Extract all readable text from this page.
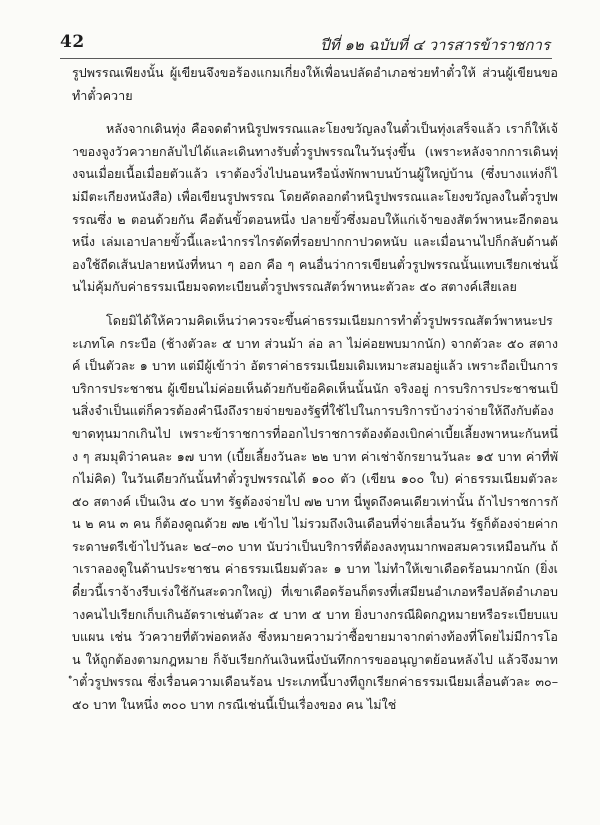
42	ปีที่ ๑๒ ฉบับที่ ๔ วารสารข้าราชการ

รูปพรรณเพียงนั้น ผู้เขียนจึงขอร้องแกมเกี่ยงให้เพื่อนปลัดอำเภอช่วยทำตั๋วให้ ส่วนผู้เขียนขอทำตั๋วควาย

หลังจากเดินทุ่ง คือจดตำหนิรูปพรรณและโยงขวัญลงในตั๋วเป็นทุ่งเสร็จแล้ว เราก็ให้เจ้าของจูงวัวควายกลับไปได้และเดินทางรับตั๋วรูปพรรณในวันรุ่งขึ้น (เพราะหลังจากการเดินทุ่งจนเมื่อยเนื้อเมื่อยตัวแล้ว เราต้องวิ่งไปนอนหรือนั่งพักพาบนบ้านผู้ใหญ่บ้าน (ซึ่งบางแห่งก็ไม่มีตะเกียงหนังสือ) เพื่อเขียนรูปพรรณ โดยคัดลอกตำหนิรูปพรรณและโยงขวัญลงในตั๋วรูปพรรณซึ่ง ๒ ตอนด้วยกัน คือต้นขั้วตอนหนึ่ง ปลายขั้วซึ่งมอบให้แก่เจ้าของสัตว์พาหนะอีกตอนหนึ่ง เล่มเอาปลายขั้วนี้และนำกรรไกรตัดที่รอยปากกาปวดหนับ และเมื่อนานไปก็กลับด้านต้องใช้ถีดเส้นปลายหนังที่หนา ๆ ออก คือ ๆ คนอื่นว่าการเขียนตั๋วรูปพรรณนั้นแทบเรียกเช่นนั้นไม่คุ้มกับค่าธรรมเนียมจดทะเบียนตั๋วรูปพรรณสัตว์พาหนะตัวละ ๕๐ สตางค์เสียเลย

โดยมิได้ให้ความคิดเห็นว่าควรจะขึ้นค่าธรรมเนียมการทำตั๋วรูปพรรณสัตว์พาหนะประเภทโค กระบือ (ช้างตัวละ ๕ บาท ส่วนม้า ล่อ ลา ไม่ค่อยพบมากนัก) จากตัวละ ๕๐ สตางค์ เป็นตัวละ ๑ บาท แต่มีผู้เข้าว่า อัตราค่าธรรมเนียมเดิมเหมาะสมอยู่แล้ว เพราะถือเป็นการบริการประชาชน ผู้เขียนไม่ค่อยเห็นด้วยกับข้อคิดเห็นนั้นนัก จริงอยู่ การบริการประชาชนเป็นสิ่งจำเป็นแต่ก็ควรต้องคำนึงถึงรายจ่ายของรัฐที่ใช้ไปในการบริการบ้างว่าจ่ายให้ถึงกับต้องขาดทุนมากเกินไป เพราะข้าราชการที่ออกไปราชการต้องต้องเบิกค่าเบี้ยเลี้ยงพาหนะกันหนึ่ง ๆ สมมุติว่าคนละ ๑๗ บาท (เบี้ยเลี้ยงวันละ ๒๒ บาท ค่าเช่าจักรยานวันละ ๑๕ บาท ค่าที่พักไม่คิด) ในวันเดียวกันนั้นทำตั๋วรูปพรรณได้ ๑๐๐ ตัว (เขียน ๑๐๐ ใบ) ค่าธรรมเนียมตัวละ ๕๐ สตางค์ เป็นเงิน ๕๐ บาท รัฐต้องจ่ายไป ๗๒ บาท นี่พูดถึงคนเดียวเท่านั้น ถ้าไปราชการกัน ๒ คน ๓ คน ก็ต้องคูณด้วย ๗๒ เข้าไป ไม่รวมถึงเงินเดือนที่จ่ายเลื่อนวัน รัฐก็ต้องจ่ายค่ากระดาษตรีเข้าไปวันละ ๒๔–๓๐ บาท นับว่าเป็นบริการที่ต้องลงทุนมากพอสมควรเหมือนกัน ถ้าเราลองดูในด้านประชาชน ค่าธรรมเนียมตัวละ ๑ บาท ไม่ทำให้เขาเดือดร้อนมากนัก (ยิ่งเดี๋ยวนี้เราจ้างรีบเร่งใช้กันสะดวกใหญ่) ที่เขาเดือดร้อนก็ตรงที่เสมียนอำเภอหรือปลัดอำเภอบางคนไปเรียกเก็บเกินอัตราเช่นตัวละ ๕ บาท ๕ บาท ยิ่งบางกรณีผิดกฎหมายหรือระเบียบแบบแผน เช่น วัวควายที่ตัวพ่อดหลัง ซึ่งหมายความว่าซื้อขายมาจากต่างท้องที่โดยไม่มีการโอน ให้ถูกต้องตามกฎหมาย ก็จับเรียกกันเงินหนึ่งบันทึกการขออนุญาตย้อนหลังไป แล้วจึงมาทำตั๋วรูปพรรณ ซึ่งเรื่อนความเดือนร้อน ประเภทนี้บางทีถูกเรียกค่าธรรมเนียมเลื่อนตัวละ ๓๐–๕๐ บาท ในหนึ่ง ๓๐๐ บาท กรณีเช่นนี้เป็นเรื่องของ คน ไม่ใช่
